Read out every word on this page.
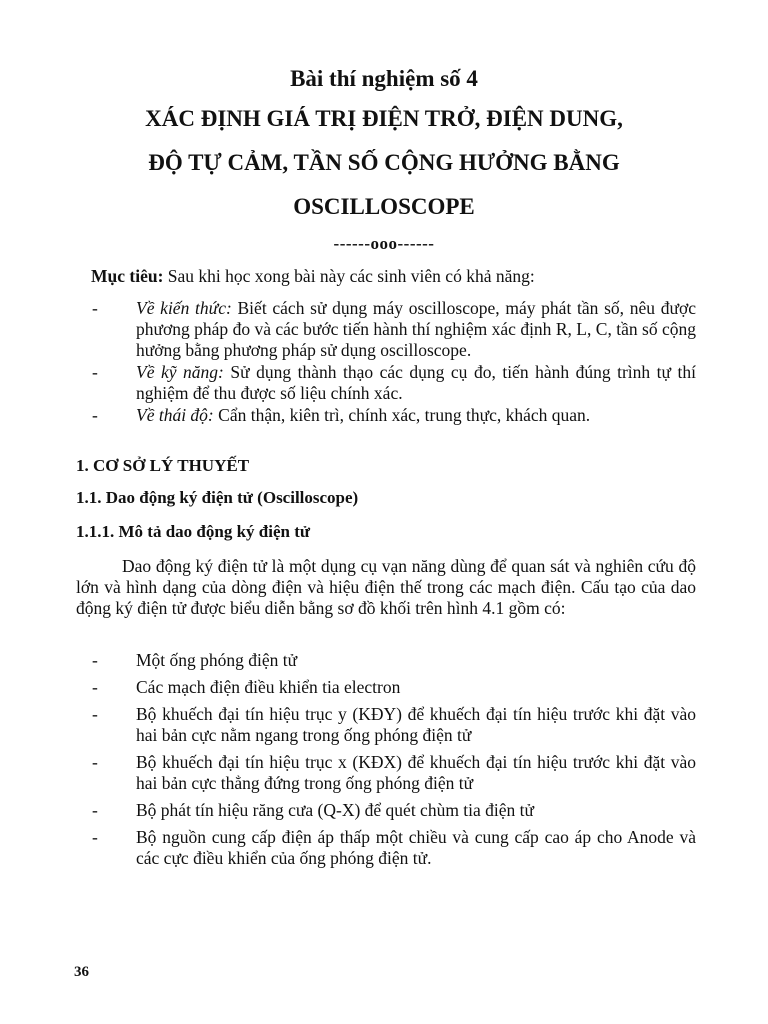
Bài thí nghiệm số 4
XÁC ĐỊNH GIÁ TRỊ ĐIỆN TRỞ, ĐIỆN DUNG,
ĐỘ TỰ CẢM, TẦN SỐ CỘNG HƯỞNG BẰNG
OSCILLOSCOPE
------ooo------
Mục tiêu: Sau khi học xong bài này các sinh viên có khả năng:
- Về kiến thức: Biết cách sử dụng máy oscilloscope, máy phát tần số, nêu được phương pháp đo và các bước tiến hành thí nghiệm xác định R, L, C, tần số cộng hưởng bằng phương pháp sử dụng oscilloscope.
- Về kỹ năng: Sử dụng thành thạo các dụng cụ đo, tiến hành đúng trình tự thí nghiệm để thu được số liệu chính xác.
- Về thái độ: Cẩn thận, kiên trì, chính xác, trung thực, khách quan.
1. CƠ SỞ LÝ THUYẾT
1.1. Dao động ký điện tử (Oscilloscope)
1.1.1. Mô tả dao động ký điện tử
Dao động ký điện tử là một dụng cụ vạn năng dùng để quan sát và nghiên cứu độ lớn và hình dạng của dòng điện và hiệu điện thế trong các mạch điện. Cấu tạo của dao động ký điện tử được biểu diễn bằng sơ đồ khối trên hình 4.1 gồm có:
- Một ống phóng điện tử
- Các mạch điện điều khiển tia electron
- Bộ khuếch đại tín hiệu trục y (KĐY) để khuếch đại tín hiệu trước khi đặt vào hai bản cực nằm ngang trong ống phóng điện tử
- Bộ khuếch đại tín hiệu trục x (KĐX) để khuếch đại tín hiệu trước khi đặt vào hai bản cực thẳng đứng trong ống phóng điện tử
- Bộ phát tín hiệu răng cưa (Q-X) để quét chùm tia điện tử
- Bộ nguồn cung cấp điện áp thấp một chiều và cung cấp cao áp cho Anode và các cực điều khiển của ống phóng điện tử.
36
